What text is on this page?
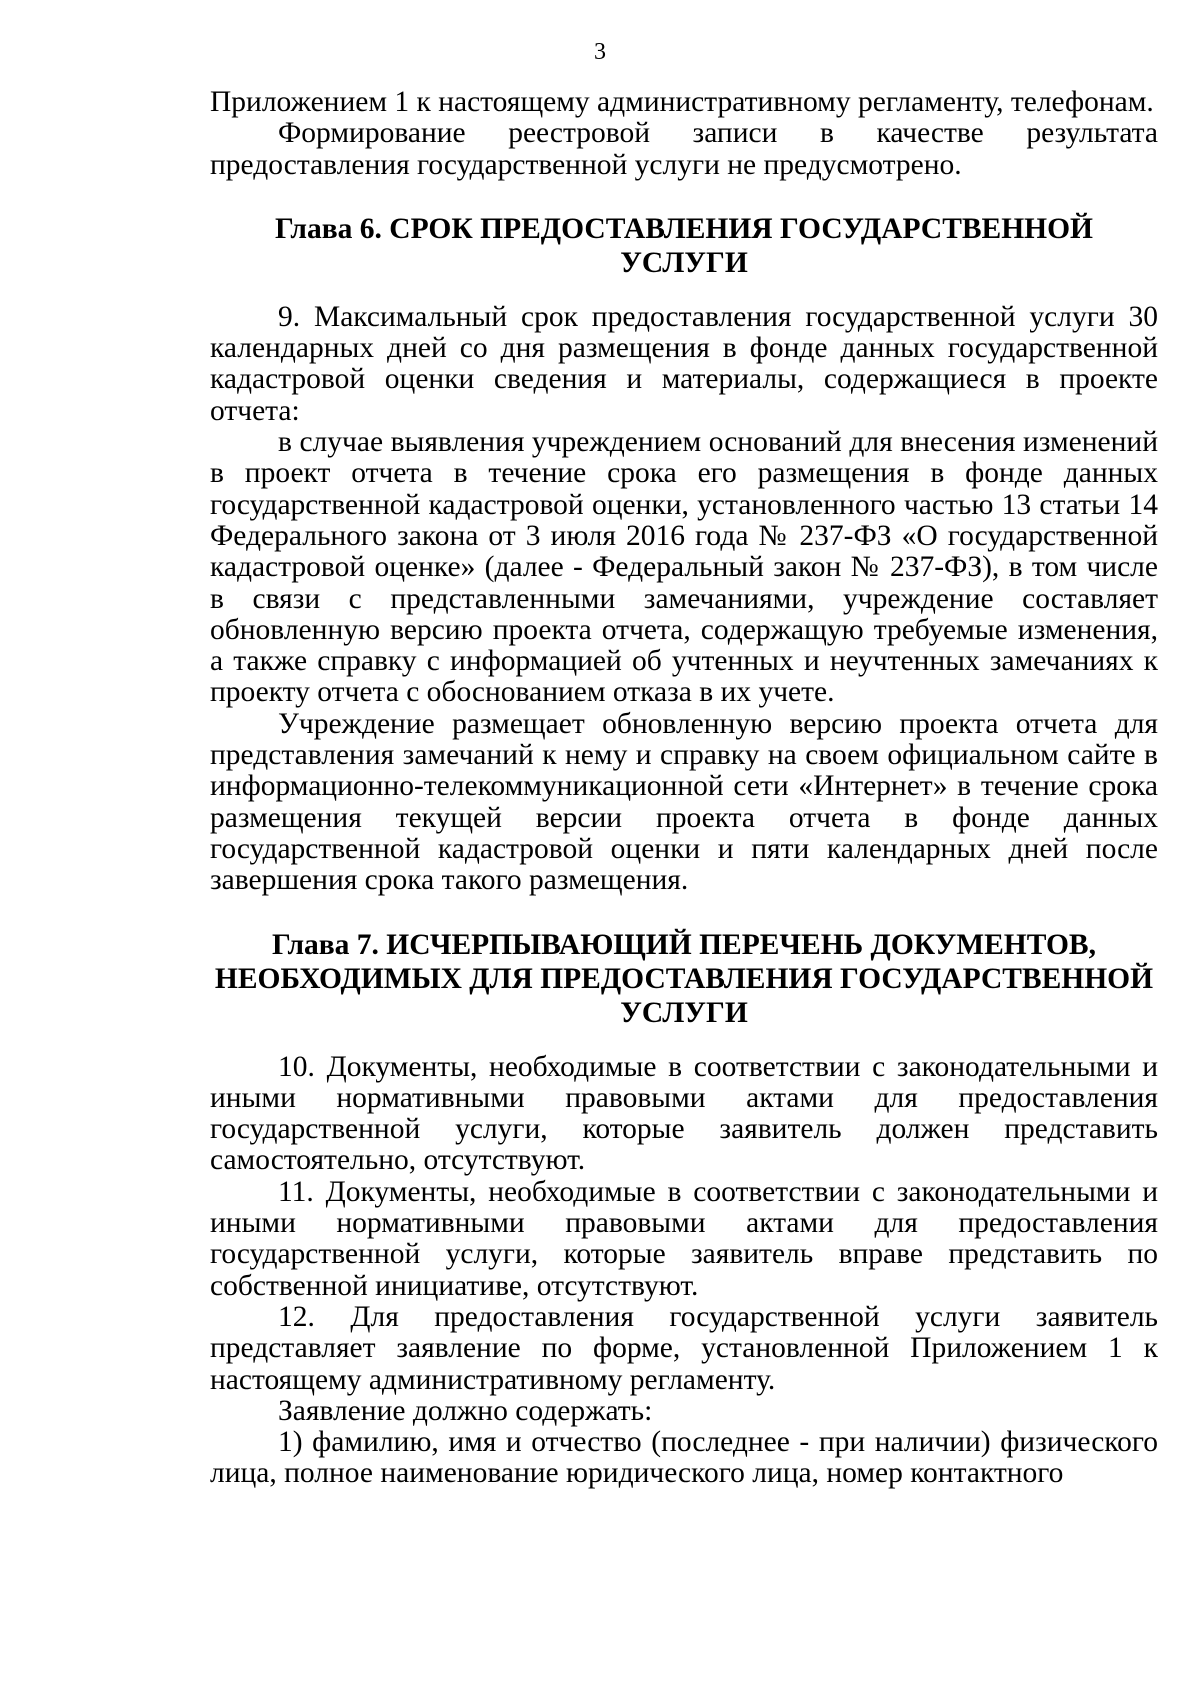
3

Приложением 1 к настоящему административному регламенту, телефонам.

Формирование реестровой записи в качестве результата предоставления государственной услуги не предусмотрено.

Глава 6. СРОК ПРЕДОСТАВЛЕНИЯ ГОСУДАРСТВЕННОЙ УСЛУГИ

9. Максимальный срок предоставления государственной услуги 30 календарных дней со дня размещения в фонде данных государственной кадастровой оценки сведения и материалы, содержащиеся в проекте отчета:

в случае выявления учреждением оснований для внесения изменений в проект отчета в течение срока его размещения в фонде данных государственной кадастровой оценки, установленного частью 13 статьи 14 Федерального закона от 3 июля 2016 года № 237-ФЗ «О государственной кадастровой оценке» (далее - Федеральный закон № 237-ФЗ), в том числе в связи с представленными замечаниями, учреждение составляет обновленную версию проекта отчета, содержащую требуемые изменения, а также справку с информацией об учтенных и неучтенных замечаниях к проекту отчета с обоснованием отказа в их учете.

Учреждение размещает обновленную версию проекта отчета для представления замечаний к нему и справку на своем официальном сайте в информационно-телекоммуникационной сети «Интернет» в течение срока размещения текущей версии проекта отчета в фонде данных государственной кадастровой оценки и пяти календарных дней после завершения срока такого размещения.

Глава 7. ИСЧЕРПЫВАЮЩИЙ ПЕРЕЧЕНЬ ДОКУМЕНТОВ,
НЕОБХОДИМЫХ ДЛЯ ПРЕДОСТАВЛЕНИЯ ГОСУДАРСТВЕННОЙ
УСЛУГИ

10. Документы, необходимые в соответствии с законодательными и иными нормативными правовыми актами для предоставления государственной услуги, которые заявитель должен представить самостоятельно, отсутствуют.

11. Документы, необходимые в соответствии с законодательными и иными нормативными правовыми актами для предоставления государственной услуги, которые заявитель вправе представить по собственной инициативе, отсутствуют.

12. Для предоставления государственной услуги заявитель представляет заявление по форме, установленной Приложением 1 к настоящему административному регламенту.

Заявление должно содержать:

1) фамилию, имя и отчество (последнее - при наличии) физического лица, полное наименование юридического лица, номер контактного
